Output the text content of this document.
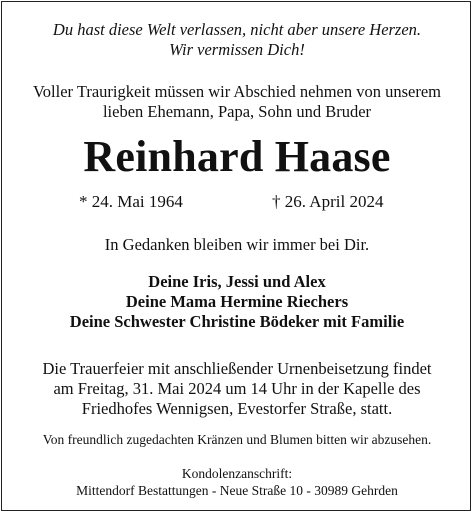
Du hast diese Welt verlassen, nicht aber unsere Herzen.
Wir vermissen Dich!
Voller Traurigkeit müssen wir Abschied nehmen von unserem
lieben Ehemann, Papa, Sohn und Bruder
Reinhard Haase
* 24. Mai 1964	† 26. April 2024
In Gedanken bleiben wir immer bei Dir.
Deine Iris, Jessi und Alex
Deine Mama Hermine Riechers
Deine Schwester Christine Bödeker mit Familie
Die Trauerfeier mit anschließender Urnenbeisetzung findet
am Freitag, 31. Mai 2024 um 14 Uhr in der Kapelle des
Friedhofes Wennigsen, Evestorfer Straße, statt.
Von freundlich zugedachten Kränzen und Blumen bitten wir abzusehen.
Kondolenzanschrift:
Mittendorf Bestattungen - Neue Straße 10 - 30989 Gehrden
